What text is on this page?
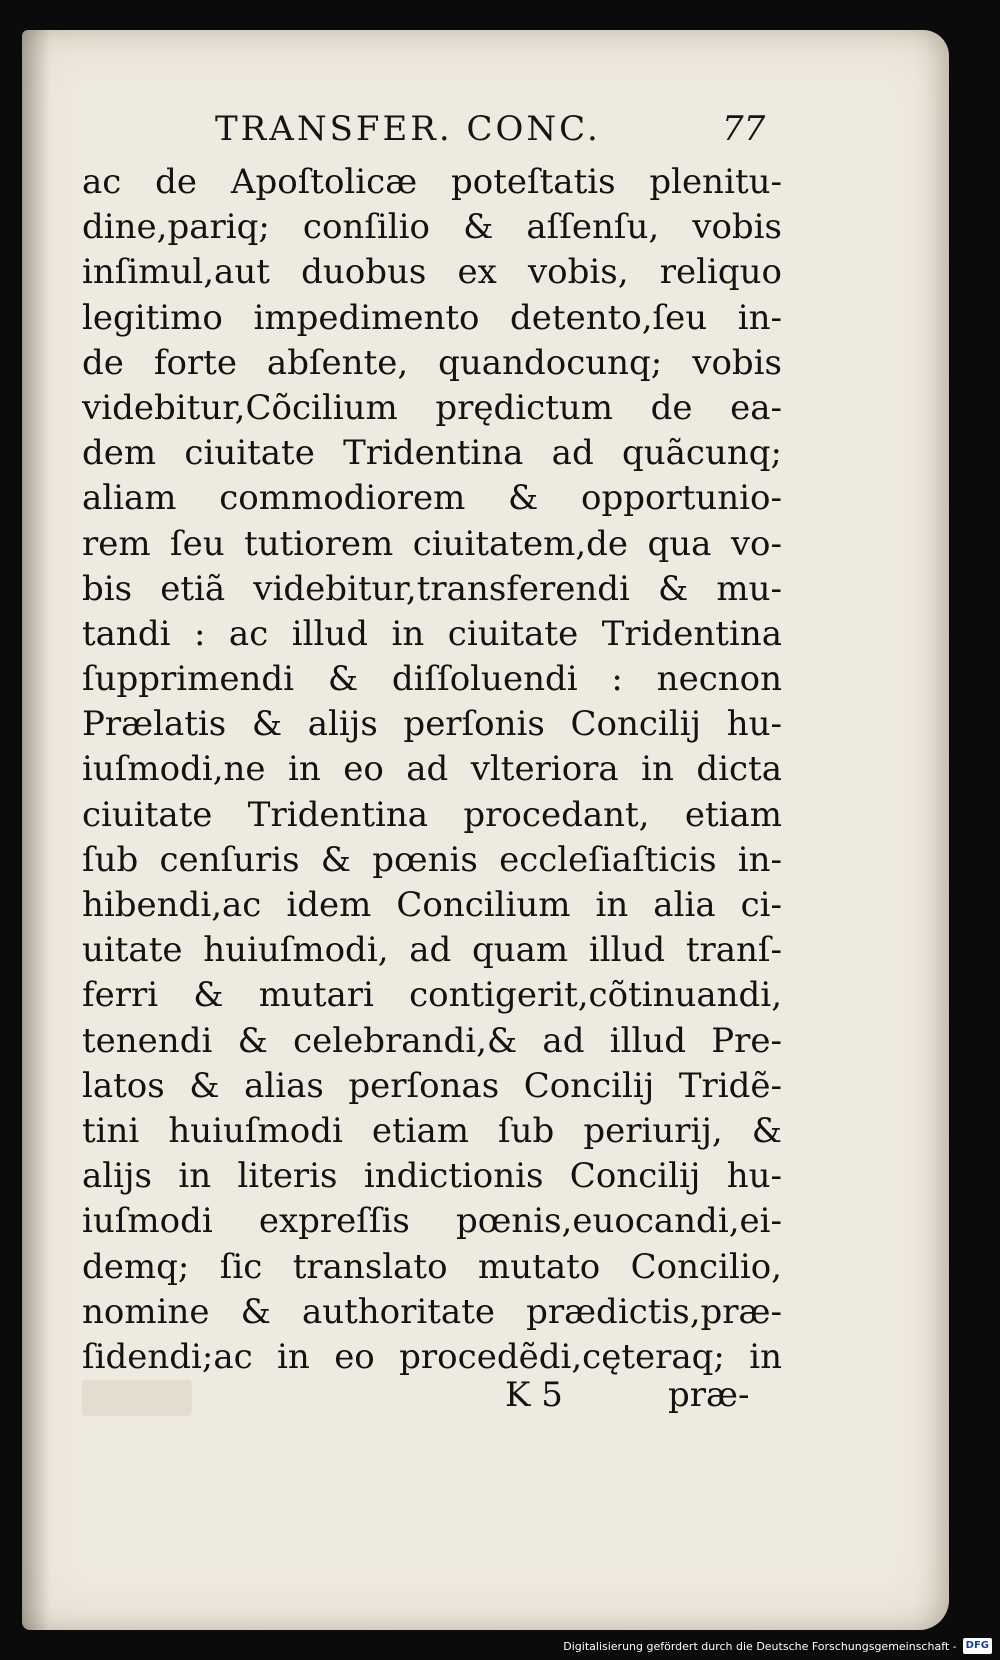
TRANSFER. CONC.	77
ac de Apoſtolicæ poteſtatis plenitu-
dine,pariq; conſilio & aſſenſu, vobis
inſimul,aut duobus ex vobis, reliquo
legitimo impedimento detento,ſeu in-
de forte abſente, quandocunq; vobis
videbitur,Cõcilium prędictum de ea-
dem ciuitate Tridentina ad quãcunq;
aliam commodiorem & opportunio-
rem ſeu tutiorem ciuitatem,de qua vo-
bis etiã videbitur,transferendi & mu-
tandi : ac illud in ciuitate Tridentina
ſupprimendi & diſſoluendi : necnon
Prælatis & alijs perſonis Concilij hu-
iuſmodi,ne in eo ad vlteriora in dicta
ciuitate Tridentina procedant, etiam
ſub cenſuris & pœnis eccleſiaſticis in-
hibendi,ac idem Concilium in alia ci-
uitate huiuſmodi, ad quam illud tranſ-
ferri & mutari contigerit,cõtinuandi,
tenendi & celebrandi,& ad illud Pre-
latos & alias perſonas Concilij Tridẽ-
tini huiuſmodi etiam ſub periurij, &
alijs in literis indictionis Concilij hu-
iuſmodi expreſſis pœnis,euocandi,ei-
demq; ſic translato mutato Concilio,
nomine & authoritate prædictis,præ-
ſidendi;ac in eo procedẽdi,cęteraq; in
K 5	præ-
Digitalisierung gefördert durch die Deutsche Forschungsgemeinschaft - DFG
